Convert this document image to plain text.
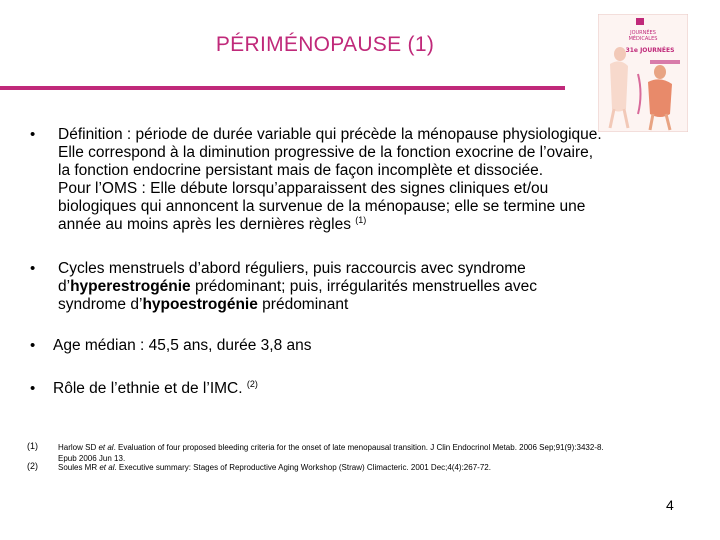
PÉRIMÉNOPAUSE (1)	JOURNÉES
MÉDICALES
31e JOURNÉES
• Définition : période de durée variable qui précède la ménopause physiologique.
Elle correspond à la diminution progressive de la fonction exocrine de l’ovaire,
la fonction endocrine persistant mais de façon incomplète et dissociée.
Pour l’OMS : Elle débute lorsqu’apparaissent des signes cliniques et/ou
biologiques qui annoncent la survenue de la ménopause; elle se termine une
année au moins après les dernières règles $^{(1)}$
• Cycles menstruels d’abord réguliers, puis raccourcis avec syndrome
d’hyperestrogénie prédominant; puis, irrégularités menstruelles avec
syndrome d’hypoestrogénie prédominant
• Age médian : 45,5 ans, durée 3,8 ans
• Rôle de l’ethnie et de l’IMC. $^{(2)}$
(1)	Harlow SD et al. Evaluation of four proposed bleeding criteria for the onset of late menopausal transition. J Clin Endocrinol Metab. 2006 Sep;91(9):3432-8.
Epub 2006 Jun 13.
(2)	Soules MR et al. Executive summary: Stages of Reproductive Aging Workshop (Straw) Climacteric. 2001 Dec;4(4):267-72.
4
